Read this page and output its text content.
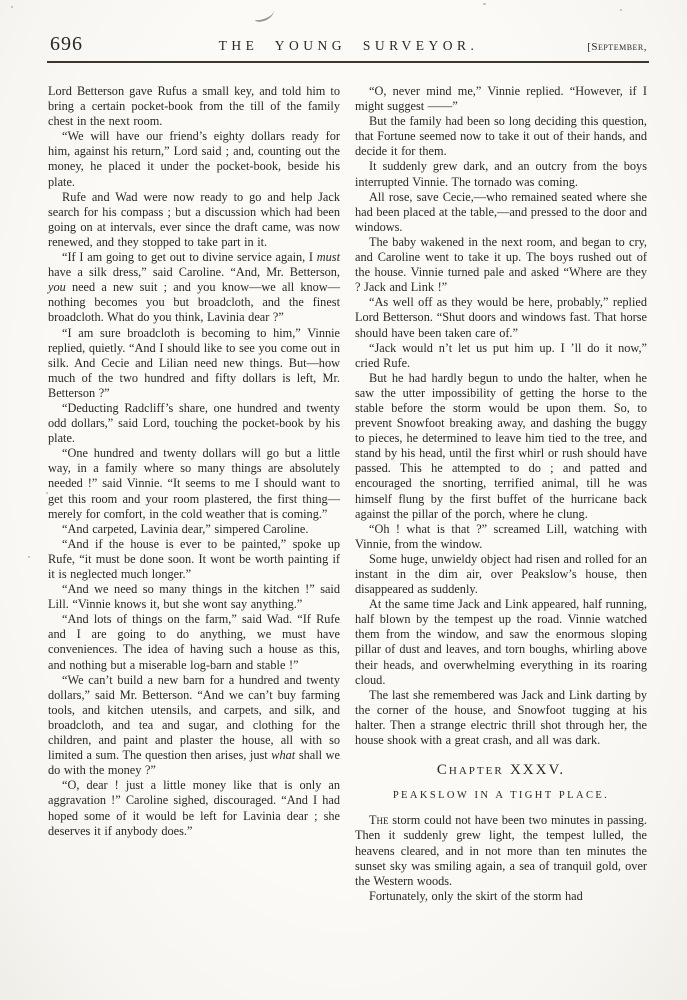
696	THE YOUNG SURVEYOR.	[September,

Lord Betterson gave Rufus a small key, and told him to bring a certain pocket-book from the till of the family chest in the next room.

“We will have our friend’s eighty dollars ready for him, against his return,” Lord said ; and, counting out the money, he placed it under the pocket-book, beside his plate.

Rufe and Wad were now ready to go and help Jack search for his compass ; but a discussion which had been going on at intervals, ever since the draft came, was now renewed, and they stopped to take part in it.

“If I am going to get out to divine service again, I must have a silk dress,” said Caroline. “And, Mr. Betterson, you need a new suit ; and you know—we all know—nothing becomes you but broadcloth, and the finest broadcloth. What do you think, Lavinia dear ?”

“I am sure broadcloth is becoming to him,” Vinnie replied, quietly. “And I should like to see you come out in silk. And Cecie and Lilian need new things. But—how much of the two hundred and fifty dollars is left, Mr. Betterson ?”

“Deducting Radcliff’s share, one hundred and twenty odd dollars,” said Lord, touching the pocket-book by his plate.

“One hundred and twenty dollars will go but a little way, in a family where so many things are absolutely needed !” said Vinnie. “It seems to me I should want to get this room and your room plastered, the first thing—merely for comfort, in the cold weather that is coming.”

“And carpeted, Lavinia dear,” simpered Caroline.

“And if the house is ever to be painted,” spoke up Rufe, “it must be done soon. It wont be worth painting if it is neglected much longer.”

“And we need so many things in the kitchen !” said Lill. “Vinnie knows it, but she wont say anything.”

“And lots of things on the farm,” said Wad. “If Rufe and I are going to do anything, we must have conveniences. The idea of having such a house as this, and nothing but a miserable log-barn and stable !”

“We can’t build a new barn for a hundred and twenty dollars,” said Mr. Betterson. “And we can’t buy farming tools, and kitchen utensils, and carpets, and silk, and broadcloth, and tea and sugar, and clothing for the children, and paint and plaster the house, all with so limited a sum. The question then arises, just what shall we do with the money ?”

“O, dear ! just a little money like that is only an aggravation !” Caroline sighed, discouraged. “And I had hoped some of it would be left for Lavinia dear ; she deserves it if anybody does.”

“O, never mind me,” Vinnie replied. “However, if I might suggest ——”

But the family had been so long deciding this question, that Fortune seemed now to take it out of their hands, and decide it for them.

It suddenly grew dark, and an outcry from the boys interrupted Vinnie. The tornado was coming.

All rose, save Cecie,—who remained seated where she had been placed at the table,—and pressed to the door and windows.

The baby wakened in the next room, and began to cry, and Caroline went to take it up. The boys rushed out of the house. Vinnie turned pale and asked “Where are they ? Jack and Link !”

“As well off as they would be here, probably,” replied Lord Betterson. “Shut doors and windows fast. That horse should have been taken care of.”

“Jack would n’t let us put him up. I ’ll do it now,” cried Rufe.

But he had hardly begun to undo the halter, when he saw the utter impossibility of getting the horse to the stable before the storm would be upon them. So, to prevent Snowfoot breaking away, and dashing the buggy to pieces, he determined to leave him tied to the tree, and stand by his head, until the first whirl or rush should have passed. This he attempted to do ; and patted and encouraged the snorting, terrified animal, till he was himself flung by the first buffet of the hurricane back against the pillar of the porch, where he clung.

“Oh ! what is that ?” screamed Lill, watching with Vinnie, from the window.

Some huge, unwieldy object had risen and rolled for an instant in the dim air, over Peakslow’s house, then disappeared as suddenly.

At the same time Jack and Link appeared, half running, half blown by the tempest up the road. Vinnie watched them from the window, and saw the enormous sloping pillar of dust and leaves, and torn boughs, whirling above their heads, and overwhelming everything in its roaring cloud.

The last she remembered was Jack and Link darting by the corner of the house, and Snowfoot tugging at his halter. Then a strange electric thrill shot through her, the house shook with a great crash, and all was dark.

Chapter XXXV.
PEAKSLOW IN A TIGHT PLACE.

The storm could not have been two minutes in passing. Then it suddenly grew light, the tempest lulled, the heavens cleared, and in not more than ten minutes the sunset sky was smiling again, a sea of tranquil gold, over the Western woods.

Fortunately, only the skirt of the storm had
